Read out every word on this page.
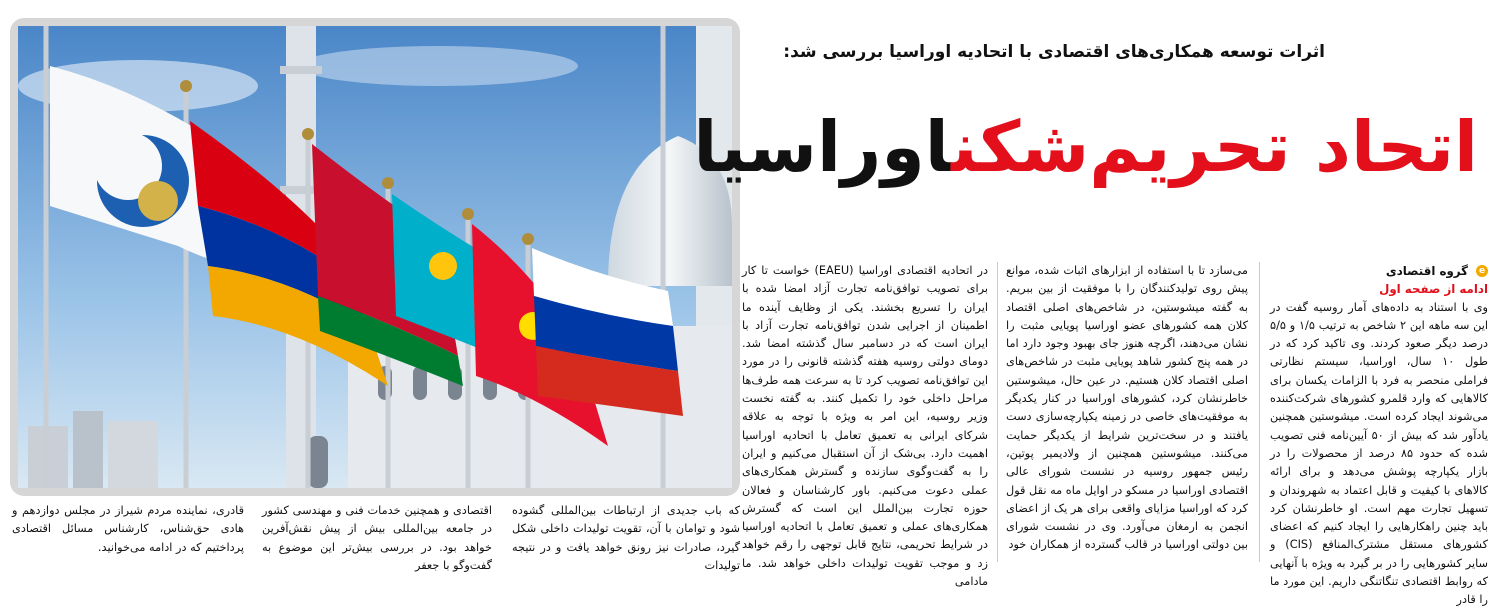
اثرات توسعه همکاری‌های اقتصادی با اتحادیه اوراسیا بررسی شد:
اتحاد تحریم‌شکناوراسیا
e
گروه اقتصادی
ادامه از صفحه اول

وی با استناد به داده‌های آمار روسیه گفت در این سه ماهه این ۲ شاخص به ترتیب ۱/۵ و ۵/۵ درصد دیگر صعود کردند. وی تاکید کرد که در طول ۱۰ سال، اوراسیا، سیستم نظارتی فراملی منحصر به فرد با الزامات یکسان برای کالاهایی که وارد قلمرو کشورهای شرکت‌کننده می‌شوند ایجاد کرده است. میشوستین همچنین یادآور شد که بیش از ۵۰ آیین‌نامه فنی تصویب شده که حدود ۸۵ درصد از محصولات را در بازار یکپارچه پوشش می‌دهد و برای ارائه کالاهای با کیفیت و قابل اعتماد به شهروندان و تسهیل تجارت مهم است. او خاطرنشان کرد باید چنین راهکارهایی را ایجاد کنیم که اعضای کشورهای مستقل مشترک‌المنافع (CIS) و سایر کشورهایی را در بر گیرد به ویژه با آنهایی که روابط اقتصادی تنگاتنگی داریم. این مورد ما را قادر

می‌سازد تا با استفاده از ابزارهای اثبات شده، موانع پیش روی تولیدکنندگان را با موفقیت از بین ببریم. به گفته میشوستین، در شاخص‌های اصلی اقتصاد کلان همه کشورهای عضو اوراسیا پویایی مثبت را نشان می‌دهند، اگرچه هنوز جای بهبود وجود دارد اما در همه پنج کشور شاهد پویایی مثبت در شاخص‌های اصلی اقتصاد کلان هستیم. در عین حال، میشوستین خاطرنشان کرد، کشورهای اوراسیا در کنار یکدیگر به موفقیت‌های خاصی در زمینه یکپارچه‌سازی دست یافتند و در سخت‌ترین شرایط از یکدیگر حمایت می‌کنند. میشوستین همچنین از ولادیمیر پوتین، رئیس جمهور روسیه در نشست شورای عالی اقتصادی اوراسیا در مسکو در اوایل ماه مه نقل قول کرد که اوراسیا مزایای واقعی برای هر یک از اعضای انجمن به ارمغان می‌آورد. وی در نشست شورای بین دولتی اوراسیا در قالب گسترده از همکاران خود

در اتحادیه اقتصادی اوراسیا (EAEU) خواست تا کار برای تصویب توافق‌نامه تجارت آزاد امضا شده با ایران را تسریع بخشند. یکی از وظایف آینده ما اطمینان از اجرایی شدن توافق‌نامه تجارت آزاد با ایران است که در دسامبر سال گذشته امضا شد. دومای دولتی روسیه هفته گذشته قانونی را در مورد این توافق‌نامه تصویب کرد تا به سرعت همه طرف‌ها مراحل داخلی خود را تکمیل کنند. به گفته نخست وزیر روسیه، این امر به ویژه با توجه به علاقه شرکای ایرانی به تعمیق تعامل با اتحادیه اوراسیا اهمیت دارد. بی‌شک از آن استقبال می‌کنیم و ایران را به گفت‌وگوی سازنده و گسترش همکاری‌های عملی دعوت می‌کنیم. باور کارشناسان و فعالان حوزه تجارت بین‌الملل این است که گسترش همکاری‌های عملی و تعمیق تعامل با اتحادیه اوراسیا در شرایط تحریمی، نتایج قابل توجهی را رقم خواهد زد و موجب تقویت تولیدات داخلی خواهد شد. ما مادامی

که باب جدیدی از ارتباطات بین‌المللی گشوده شود و توامان با آن، تقویت تولیدات داخلی شکل گیرد، صادرات نیز رونق خواهد یافت و در نتیجه تولیدات

اقتصادی و همچنین خدمات فنی و مهندسی کشور در جامعه بین‌المللی بیش از پیش نقش‌آفرین خواهد بود. در بررسی بیش‌تر این موضوع به گفت‌وگو با جعفر

قادری، نماینده مردم شیراز در مجلس دوازدهم و هادی حق‌شناس، کارشناس مسائل اقتصادی پرداختیم که در ادامه می‌خوانید.
